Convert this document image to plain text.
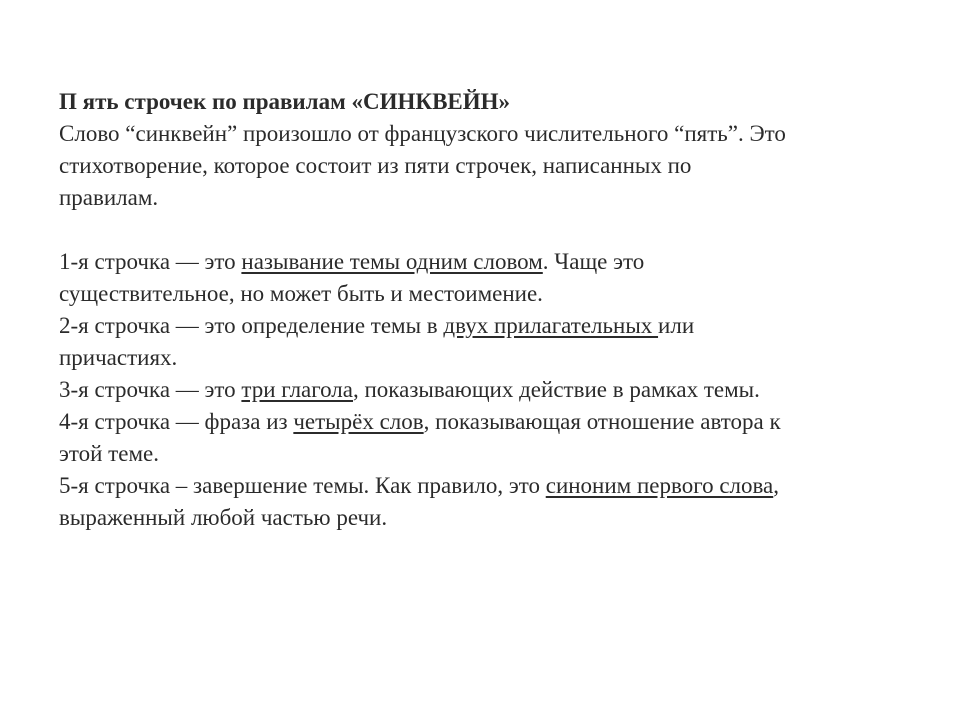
П ять строчек по правилам «СИНКВЕЙН»
Слово “синквейн” произошло от французского числительного “пять”. Это
стихотворение, которое состоит из пяти строчек, написанных по
правилам.
1-я строчка — это называние темы одним словом. Чаще это
существительное, но может быть и местоимение.
2-я строчка — это определение темы в двух прилагательных или
причастиях.
3-я строчка — это три глагола, показывающих действие в рамках темы.
4-я строчка — фраза из четырёх слов, показывающая отношение автора к
этой теме.
5-я строчка – завершение темы. Как правило, это синоним первого слова,
выраженный любой частью речи.
